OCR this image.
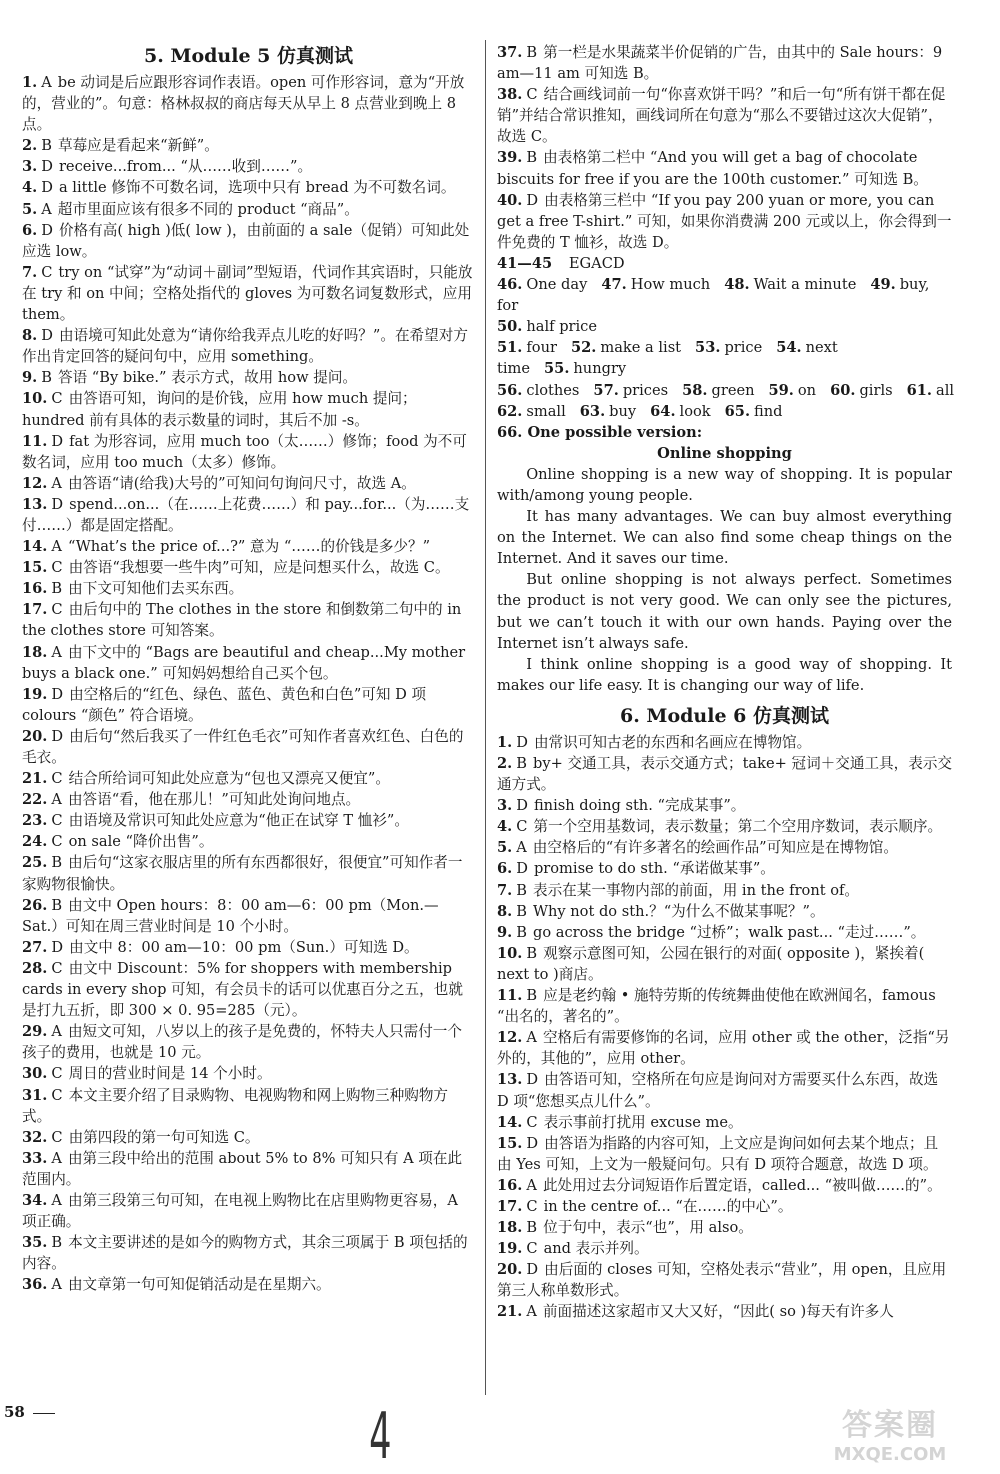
5. Module 5 仿真测试

1. A be 动词是后应跟形容词作表语。open 可作形容词，意为“开放的，营业的”。句意：格林叔叔的商店每天从早上 8 点营业到晚上 8 点。

2. B 草莓应是看起来“新鲜”。

3. D receive...from... “从……收到……”。

4. D a little 修饰不可数名词，选项中只有 bread 为不可数名词。

5. A 超市里面应该有很多不同的 product “商品”。

6. D 价格有高( high )低( low )，由前面的 a sale（促销）可知此处应选 low。

7. C try on “试穿”为“动词＋副词”型短语，代词作其宾语时，只能放在 try 和 on 中间；空格处指代的 gloves 为可数名词复数形式，应用 them。

8. D 由语境可知此处意为“请你给我弄点儿吃的好吗？”。在希望对方作出肯定回答的疑问句中，应用 something。

9. B 答语 “By bike.” 表示方式，故用 how 提问。

10. C 由答语可知，询问的是价钱，应用 how much 提问；hundred 前有具体的表示数量的词时，其后不加 -s。

11. D fat 为形容词，应用 much too（太……）修饰；food 为不可数名词，应用 too much（太多）修饰。

12. A 由答语“请(给我)大号的”可知问句询问尺寸，故选 A。

13. D spend...on...（在……上花费……）和 pay...for...（为……支付……）都是固定搭配。

14. A “What’s the price of...?” 意为 “……的价钱是多少？”

15. C 由答语“我想要一些牛肉”可知，应是问想买什么，故选 C。

16. B 由下文可知他们去买东西。

17. C 由后句中的 The clothes in the store 和倒数第二句中的 in the clothes store 可知答案。

18. A 由下文中的 “Bags are beautiful and cheap...My mother buys a black one.” 可知妈妈想给自己买个包。

19. D 由空格后的“红色、绿色、蓝色、黄色和白色”可知 D 项 colours “颜色” 符合语境。

20. D 由后句“然后我买了一件红色毛衣”可知作者喜欢红色、白色的毛衣。

21. C 结合所给词可知此处应意为“包也又漂亮又便宜”。

22. A 由答语“看，他在那儿！”可知此处询问地点。

23. C 由语境及常识可知此处应意为“他正在试穿 T 恤衫”。

24. C on sale “降价出售”。

25. B 由后句“这家衣服店里的所有东西都很好，很便宜”可知作者一家购物很愉快。

26. B 由文中 Open hours：8：00 am—6：00 pm（Mon.—Sat.）可知在周三营业时间是 10 个小时。

27. D 由文中 8：00 am—10：00 pm（Sun.）可知选 D。

28. C 由文中 Discount：5% for shoppers with membership cards in every shop 可知，有会员卡的话可以优惠百分之五，也就是打九五折，即 300 × 0. 95=285（元）。

29. A 由短文可知，八岁以上的孩子是免费的，怀特夫人只需付一个孩子的费用，也就是 10 元。

30. C 周日的营业时间是 14 个小时。

31. C 本文主要介绍了目录购物、电视购物和网上购物三种购物方式。

32. C 由第四段的第一句可知选 C。

33. A 由第三段中给出的范围 about 5% to 8% 可知只有 A 项在此范围内。

34. A 由第三段第三句可知，在电视上购物比在店里购物更容易，A 项正确。

35. B 本文主要讲述的是如今的购物方式，其余三项属于 B 项包括的内容。

36. A 由文章第一句可知促销活动是在星期六。

37. B 第一栏是水果蔬菜半价促销的广告，由其中的 Sale hours：9 am—11 am 可知选 B。

38. C 结合画线词前一句“你喜欢饼干吗？”和后一句“所有饼干都在促销”并结合常识推知，画线词所在句意为“那么不要错过这次大促销”，故选 C。

39. B 由表格第二栏中 “And you will get a bag of chocolate biscuits for free if you are the 100th customer.” 可知选 B。

40. D 由表格第三栏中 “If you pay 200 yuan or more, you can get a free T-shirt.” 可知，如果你消费满 200 元或以上，你会得到一件免费的 T 恤衫，故选 D。

41—45 EGACD

46. One day 47. How much 48. Wait a minute 49. buy, for

50. half price

51. four 52. make a list 53. price 54. next time 55. hungry

56. clothes 57. prices 58. green 59. on 60. girls 61. all

62. small 63. buy 64. look 65. find

66. One possible version:

Online shopping

Online shopping is a new way of shopping. It is popular with/among young people.

It has many advantages. We can buy almost everything on the Internet. We can also find some cheap things on the Internet. And it saves our time.

But online shopping is not always perfect. Sometimes the product is not very good. We can only see the pictures, but we can’t touch it with our own hands. Paying over the Internet isn’t always safe.

I think online shopping is a good way of shopping. It makes our life easy. It is changing our way of life.

6. Module 6 仿真测试

1. D 由常识可知古老的东西和名画应在博物馆。

2. B by+ 交通工具，表示交通方式；take+ 冠词＋交通工具，表示交通方式。

3. D finish doing sth. “完成某事”。

4. C 第一个空用基数词，表示数量；第二个空用序数词，表示顺序。

5. A 由空格后的“有许多著名的绘画作品”可知应是在博物馆。

6. D promise to do sth. “承诺做某事”。

7. B 表示在某一事物内部的前面，用 in the front of。

8. B Why not do sth.？“为什么不做某事呢？”。

9. B go across the bridge “过桥”；walk past... “走过……”。

10. B 观察示意图可知，公园在银行的对面( opposite )，紧挨着( next to )商店。

11. B 应是老约翰 • 施特劳斯的传统舞曲使他在欧洲闻名，famous “出名的，著名的”。

12. A 空格后有需要修饰的名词，应用 other 或 the other，泛指“另外的，其他的”，应用 other。

13. D 由答语可知，空格所在句应是询问对方需要买什么东西，故选 D 项“您想买点儿什么”。

14. C 表示事前打扰用 excuse me。

15. D 由答语为指路的内容可知，上文应是询问如何去某个地点；且由 Yes 可知，上文为一般疑问句。只有 D 项符合题意，故选 D 项。

16. A 此处用过去分词短语作后置定语，called... “被叫做……的”。

17. C in the centre of... “在……的中心”。

18. B 位于句中，表示“也”，用 also。

19. C and 表示并列。

20. D 由后面的 closes 可知，空格处表示“营业”，用 open，且应用第三人称单数形式。

21. A 前面描述这家超市又大又好，“因此( so )每天有许多人

58	4	答案圈
MXQE.COM
